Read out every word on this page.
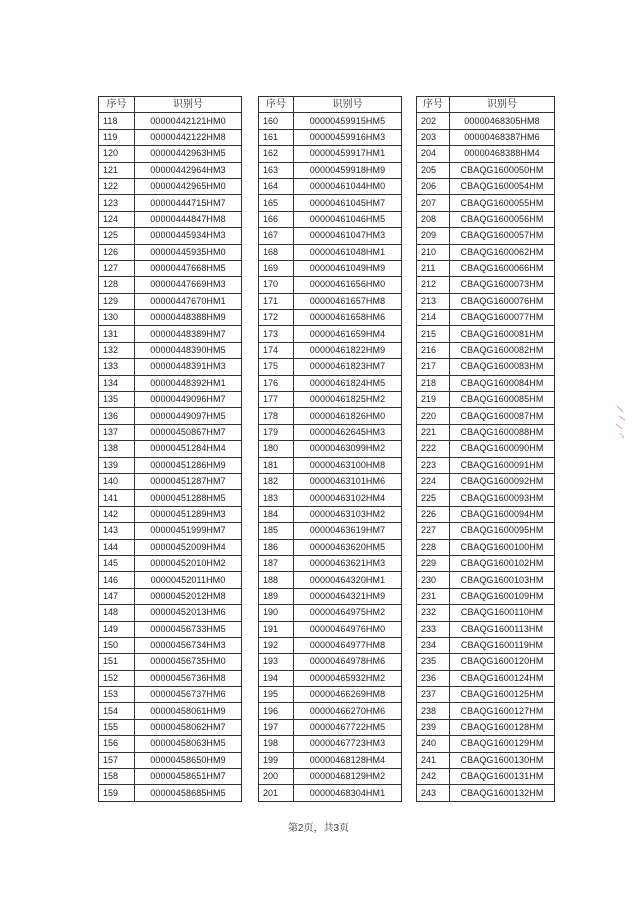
序号	识别号
118	00000442121HM0
119	00000442122HM8
120	00000442963HM5
121	00000442964HM3
122	00000442965HM0
123	00000444715HM7
124	00000444847HM8
125	00000445934HM3
126	00000445935HM0
127	00000447668HM5
128	00000447669HM3
129	00000447670HM1
130	00000448388HM9
131	00000448389HM7
132	00000448390HM5
133	00000448391HM3
134	00000448392HM1
135	00000449096HM7
136	00000449097HM5
137	00000450867HM7
138	00000451284HM4
139	00000451286HM9
140	00000451287HM7
141	00000451288HM5
142	00000451289HM3
143	00000451999HM7
144	00000452009HM4
145	00000452010HM2
146	00000452011HM0
147	00000452012HM8
148	00000452013HM6
149	00000456733HM5
150	00000456734HM3
151	00000456735HM0
152	00000456736HM8
153	00000456737HM6
154	00000458061HM9
155	00000458062HM7
156	00000458063HM5
157	00000458650HM9
158	00000458651HM7
159	00000458685HM5
序号	识别号
160	00000459915HM5
161	00000459916HM3
162	00000459917HM1
163	00000459918HM9
164	00000461044HM0
165	00000461045HM7
166	00000461046HM5
167	00000461047HM3
168	00000461048HM1
169	00000461049HM9
170	00000461656HM0
171	00000461657HM8
172	00000461658HM6
173	00000461659HM4
174	00000461822HM9
175	00000461823HM7
176	00000461824HM5
177	00000461825HM2
178	00000461826HM0
179	00000462645HM3
180	00000463099HM2
181	00000463100HM8
182	00000463101HM6
183	00000463102HM4
184	00000463103HM2
185	00000463619HM7
186	00000463620HM5
187	00000463621HM3
188	00000464320HM1
189	00000464321HM9
190	00000464975HM2
191	00000464976HM0
192	00000464977HM8
193	00000464978HM6
194	00000465932HM2
195	00000466269HM8
196	00000466270HM6
197	00000467722HM5
198	00000467723HM3
199	00000468128HM4
200	00000468129HM2
201	00000468304HM1
序号	识别号
202	00000468305HM8
203	00000468387HM6
204	00000468388HM4
205	CBAQG1600050HM
206	CBAQG1600054HM
207	CBAQG1600055HM
208	CBAQG1600056HM
209	CBAQG1600057HM
210	CBAQG1600062HM
211	CBAQG1600066HM
212	CBAQG1600073HM
213	CBAQG1600076HM
214	CBAQG1600077HM
215	CBAQG1600081HM
216	CBAQG1600082HM
217	CBAQG1600083HM
218	CBAQG1600084HM
219	CBAQG1600085HM
220	CBAQG1600087HM
221	CBAQG1600088HM
222	CBAQG1600090HM
223	CBAQG1600091HM
224	CBAQG1600092HM
225	CBAQG1600093HM
226	CBAQG1600094HM
227	CBAQG1600095HM
228	CBAQG1600100HM
229	CBAQG1600102HM
230	CBAQG1600103HM
231	CBAQG1600109HM
232	CBAQG1600110HM
233	CBAQG1600113HM
234	CBAQG1600119HM
235	CBAQG1600120HM
236	CBAQG1600124HM
237	CBAQG1600125HM
238	CBAQG1600127HM
239	CBAQG1600128HM
240	CBAQG1600129HM
241	CBAQG1600130HM
242	CBAQG1600131HM
243	CBAQG1600132HM
第2页，共3页
